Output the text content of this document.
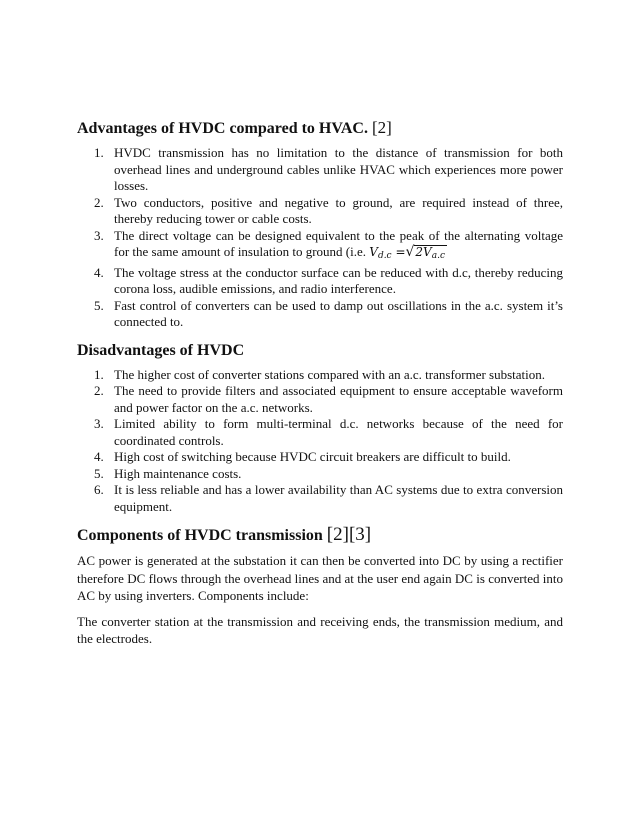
Advantages of HVDC compared to HVAC. [2]
1. HVDC transmission has no limitation to the distance of transmission for both overhead lines and underground cables unlike HVAC which experiences more power losses.
2. Two conductors, positive and negative to ground, are required instead of three, thereby reducing tower or cable costs.
3. The direct voltage can be designed equivalent to the peak of the alternating voltage for the same amount of insulation to ground (i.e. $V_{d.c} =√2V_{a.c}$
4. The voltage stress at the conductor surface can be reduced with d.c, thereby reducing corona loss, audible emissions, and radio interference.
5. Fast control of converters can be used to damp out oscillations in the a.c. system it’s connected to.
Disadvantages of HVDC
1. The higher cost of converter stations compared with an a.c. transformer substation.
2. The need to provide filters and associated equipment to ensure acceptable waveform and power factor on the a.c. networks.
3. Limited ability to form multi-terminal d.c. networks because of the need for coordinated controls.
4. High cost of switching because HVDC circuit breakers are difficult to build.
5. High maintenance costs.
6. It is less reliable and has a lower availability than AC systems due to extra conversion equipment.
Components of HVDC transmission [2][3]

AC power is generated at the substation it can then be converted into DC by using a rectifier therefore DC flows through the overhead lines and at the user end again DC is converted into AC by using inverters. Components include:

The converter station at the transmission and receiving ends, the transmission medium, and the electrodes.
